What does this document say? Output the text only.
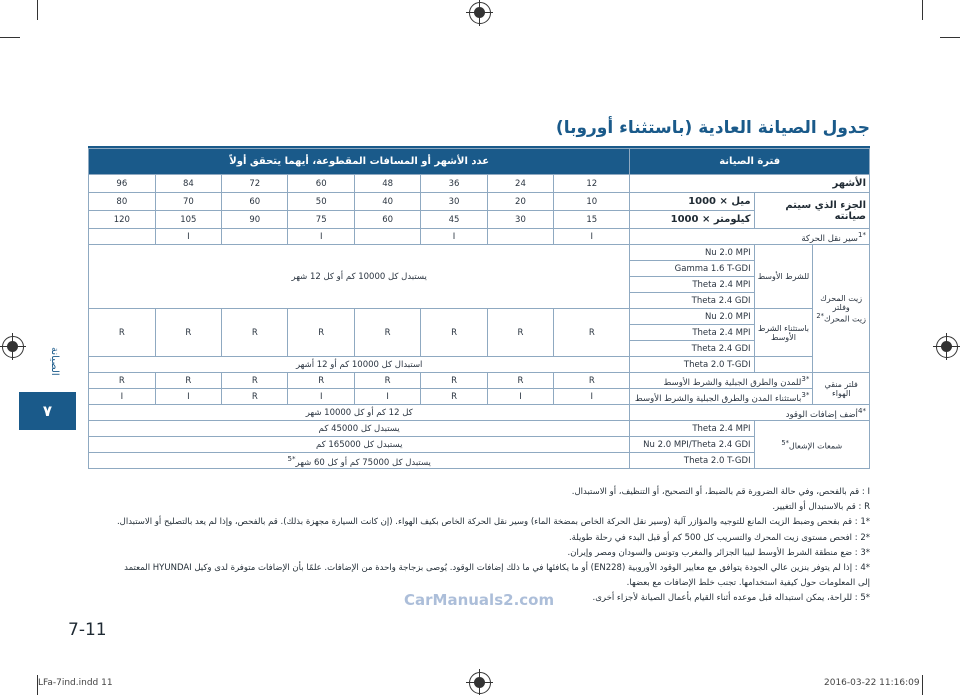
جدول الصيانة العادية (باستثناء أوروبا)
فترة الصيانة			عدد الأشهر أو المسافات المقطوعة، أيهما يتحقق أولاً							
الأشهر			12	24	36	48	60	72	84	96
الجزء الذي سيتم صيانته		ميل × 1000	10	20	30	40	50	60	70	80
		كيلومتر × 1000	15	30	45	60	75	90	105	120
$^{*1}$سير نقل الحركة			I		I		I		I	
زيت المحرك وفلتر
زيت المحرك$^{*2}$	للشرط الأوسط	Nu 2.0 MPI	يستبدل كل 10000 كم أو كل 12 شهر							
		Gamma 1.6 T-GDI								
		Theta 2.4 MPI								
		Theta 2.4 GDI								
	باستثناء الشرط الأوسط	Nu 2.0 MPI	R	R	R	R	R	R	R	R
		Theta 2.4 MPI								
		Theta 2.4 GDI								
		Theta 2.0 T-GDI	استبدال كل 10000 كم أو 12 أشهر							
فلتر منقي الهواء	$^{*3}$للمدن والطرق الجبلية والشرط الأوسط		R	R	R	R	R	R	R	R
	$^{*3}$باستثناء المدن والطرق الجبلية والشرط الأوسط		I	I	R	I	I	R	I	I
$^{*4}$أضف إضافات الوقود			كل 12 كم أو كل 10000 شهر							
شمعات الإشعال$^{*5}$		Theta 2.4 MPI	يستبدل كل 45000 كم							
		Nu 2.0 MPI/Theta 2.4 GDI	يستبدل كل 165000 كم							
		Theta 2.0 T-GDI	يستبدل كل 75000 كم أو كل 60 شهر$^{*5}$

I : قم بالفحص، وفي حالة الضرورة قم بالضبط، أو التصحيح، أو التنظيف، أو الاستبدال.

R : قم بالاستبدال أو التغيير.

*1 : قم بفحص وضبط الزيت المانع للتوجيه والمؤازر آلية (وسير نقل الحركة الخاص بمضخة الماء) وسير نقل الحركة الخاص بكيف الهواء. (إن كانت السيارة مجهزة بذلك). قم بالفحص، وإذا لم يعد بالتصليح أو الاستبدال.

*2 : افحص مستوى زيت المحرك والتسريب كل 500 كم أو قبل البدء في رحلة طويلة.

*3 : ضع منطقة الشرط الأوسط لبيبا الجزائر والمغرب وتونس والسودان ومصر وإيران.

*4 : إذا لم يتوفر بنزين عالي الجودة يتوافق مع معايير الوقود الأوروبية (EN228) أو ما يكافئها في ما ذلك إضافات الوقود. يُوصى بزجاجة واحدة من الإضافات. علمًا بأن الإضافات متوفرة لدى وكيل HYUNDAI المعتمد إلى المعلومات حول كيفية استخدامها. تجنب خلط الإضافات مع بعضها.

*5 : للراحة، يمكن استبداله قبل موعده أثناء القيام بأعمال الصيانة لأجزاء أخرى.

الصيانة
٧
CarManuals2.com
7-11
LFa-7ind.indd 11	2016-03-22 11:16:09
